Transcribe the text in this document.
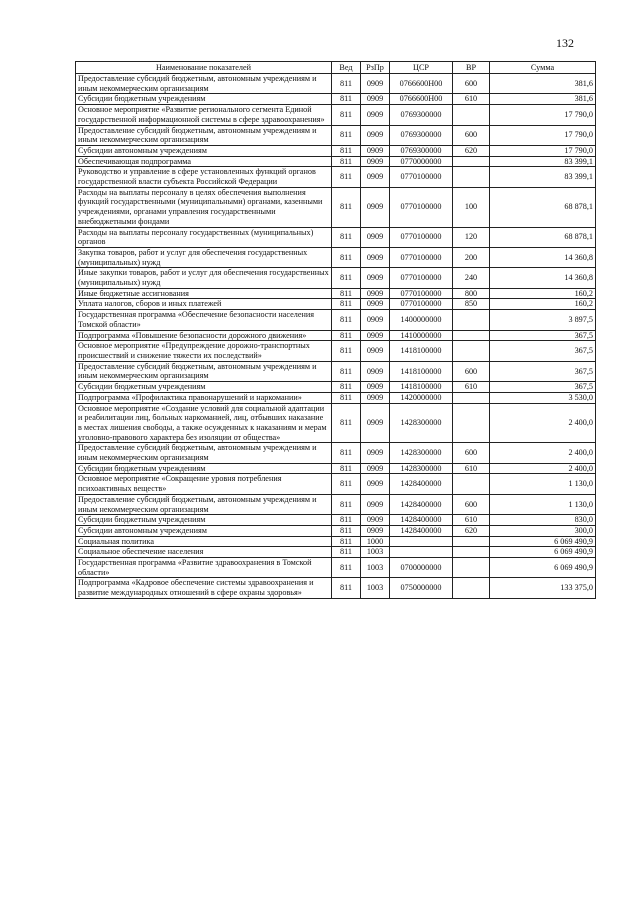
132
Наименование показателей	Вед	РзПр	ЦСР	ВР	Сумма
Предоставление субсидий бюджетным, автономным учреждениям и иным некоммерческим организациям	811	0909	0766600Н00	600	381,6
Субсидии бюджетным учреждениям	811	0909	0766600Н00	610	381,6
Основное мероприятие «Развитие регионального сегмента Единой государственной информационной системы в сфере здравоохранения»	811	0909	0769300000		17 790,0
Предоставление субсидий бюджетным, автономным учреждениям и иным некоммерческим организациям	811	0909	0769300000	600	17 790,0
Субсидии автономным учреждениям	811	0909	0769300000	620	17 790,0
Обеспечивающая подпрограмма	811	0909	0770000000		83 399,1
Руководство и управление в сфере установленных функций органов государственной власти субъекта Российской Федерации	811	0909	0770100000		83 399,1
Расходы на выплаты персоналу в целях обеспечения выполнения функций государственными (муниципальными) органами, казенными учреждениями, органами управления государственными внебюджетными фондами	811	0909	0770100000	100	68 878,1
Расходы на выплаты персоналу государственных (муниципальных) органов	811	0909	0770100000	120	68 878,1
Закупка товаров, работ и услуг для обеспечения государственных (муниципальных) нужд	811	0909	0770100000	200	14 360,8
Иные закупки товаров, работ и услуг для обеспечения государственных (муниципальных) нужд	811	0909	0770100000	240	14 360,8
Иные бюджетные ассигнования	811	0909	0770100000	800	160,2
Уплата налогов, сборов и иных платежей	811	0909	0770100000	850	160,2
Государственная программа «Обеспечение безопасности населения Томской области»	811	0909	1400000000		3 897,5
Подпрограмма «Повышение безопасности дорожного движения»	811	0909	1410000000		367,5
Основное мероприятие «Предупреждение дорожно-транспортных происшествий и снижение тяжести их последствий»	811	0909	1418100000		367,5
Предоставление субсидий бюджетным, автономным учреждениям и иным некоммерческим организациям	811	0909	1418100000	600	367,5
Субсидии бюджетным учреждениям	811	0909	1418100000	610	367,5
Подпрограмма «Профилактика правонарушений и наркомании»	811	0909	1420000000		3 530,0
Основное мероприятие «Создание условий для социальной адаптации и реабилитации лиц, больных наркоманией, лиц, отбывших наказание в местах лишения свободы, а также осужденных к наказаниям и мерам уголовно-правового характера без изоляции от общества»	811	0909	1428300000		2 400,0
Предоставление субсидий бюджетным, автономным учреждениям и иным некоммерческим организациям	811	0909	1428300000	600	2 400,0
Субсидии бюджетным учреждениям	811	0909	1428300000	610	2 400,0
Основное мероприятие «Сокращение уровня потребления психоактивных веществ»	811	0909	1428400000		1 130,0
Предоставление субсидий бюджетным, автономным учреждениям и иным некоммерческим организациям	811	0909	1428400000	600	1 130,0
Субсидии бюджетным учреждениям	811	0909	1428400000	610	830,0
Субсидии автономным учреждениям	811	0909	1428400000	620	300,0
Социальная политика	811	1000			6 069 490,9
Социальное обеспечение населения	811	1003			6 069 490,9
Государственная программа «Развитие здравоохранения в Томской области»	811	1003	0700000000		6 069 490,9
Подпрограмма «Кадровое обеспечение системы здравоохранения и развитие международных отношений в сфере охраны здоровья»	811	1003	0750000000		133 375,0
